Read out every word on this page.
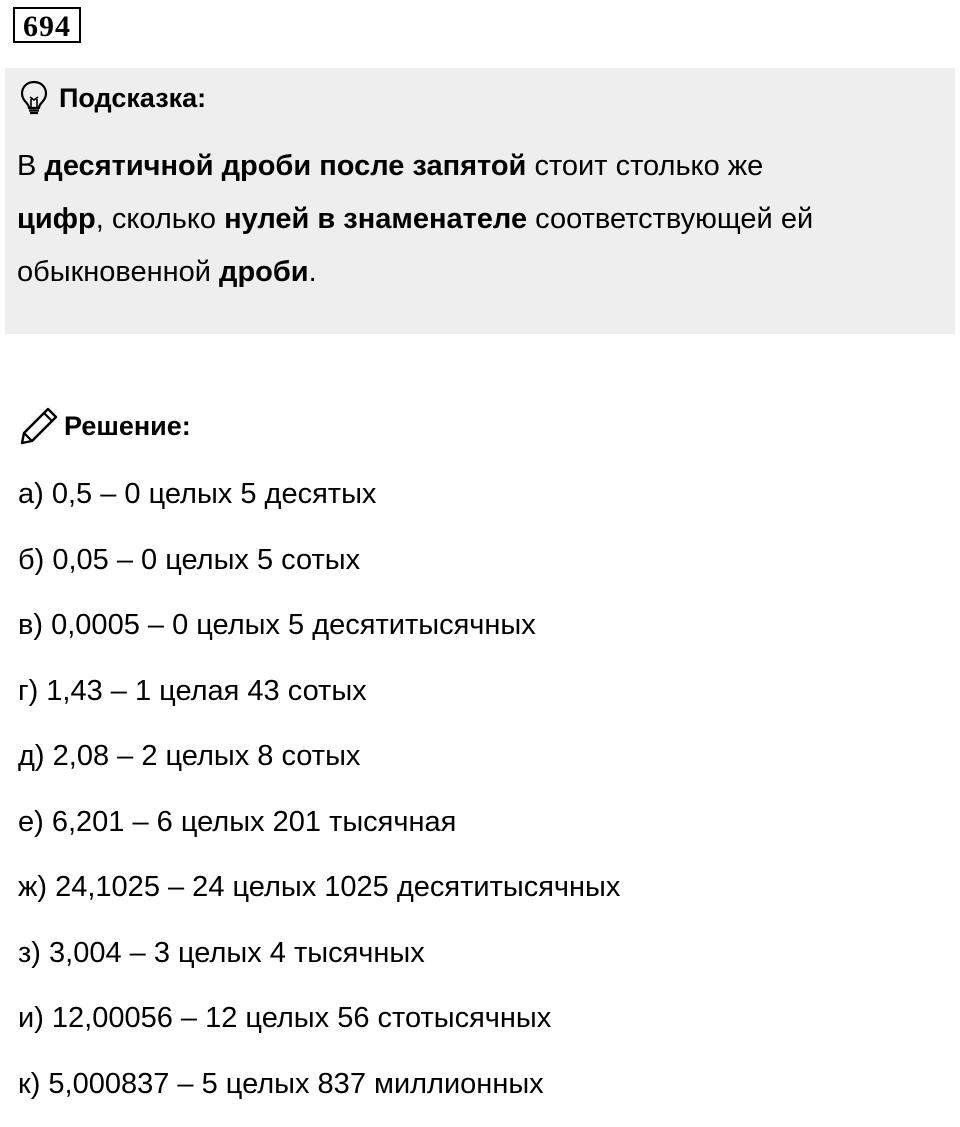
694
Подсказка:
В десятичной дроби после запятой стоит столько же цифр, сколько нулей в знаменателе соответствующей ей обыкновенной дроби.
Решение:
а) 0,5 – 0 целых 5 десятых
б) 0,05 – 0 целых 5 сотых
в) 0,0005 – 0 целых 5 десятитысячных
г) 1,43 – 1 целая 43 сотых
д) 2,08 – 2 целых 8 сотых
е) 6,201 – 6 целых 201 тысячная
ж) 24,1025 – 24 целых 1025 десятитысячных
з) 3,004 – 3 целых 4 тысячных
и) 12,00056 – 12 целых 56 стотысячных
к) 5,000837 – 5 целых 837 миллионных
